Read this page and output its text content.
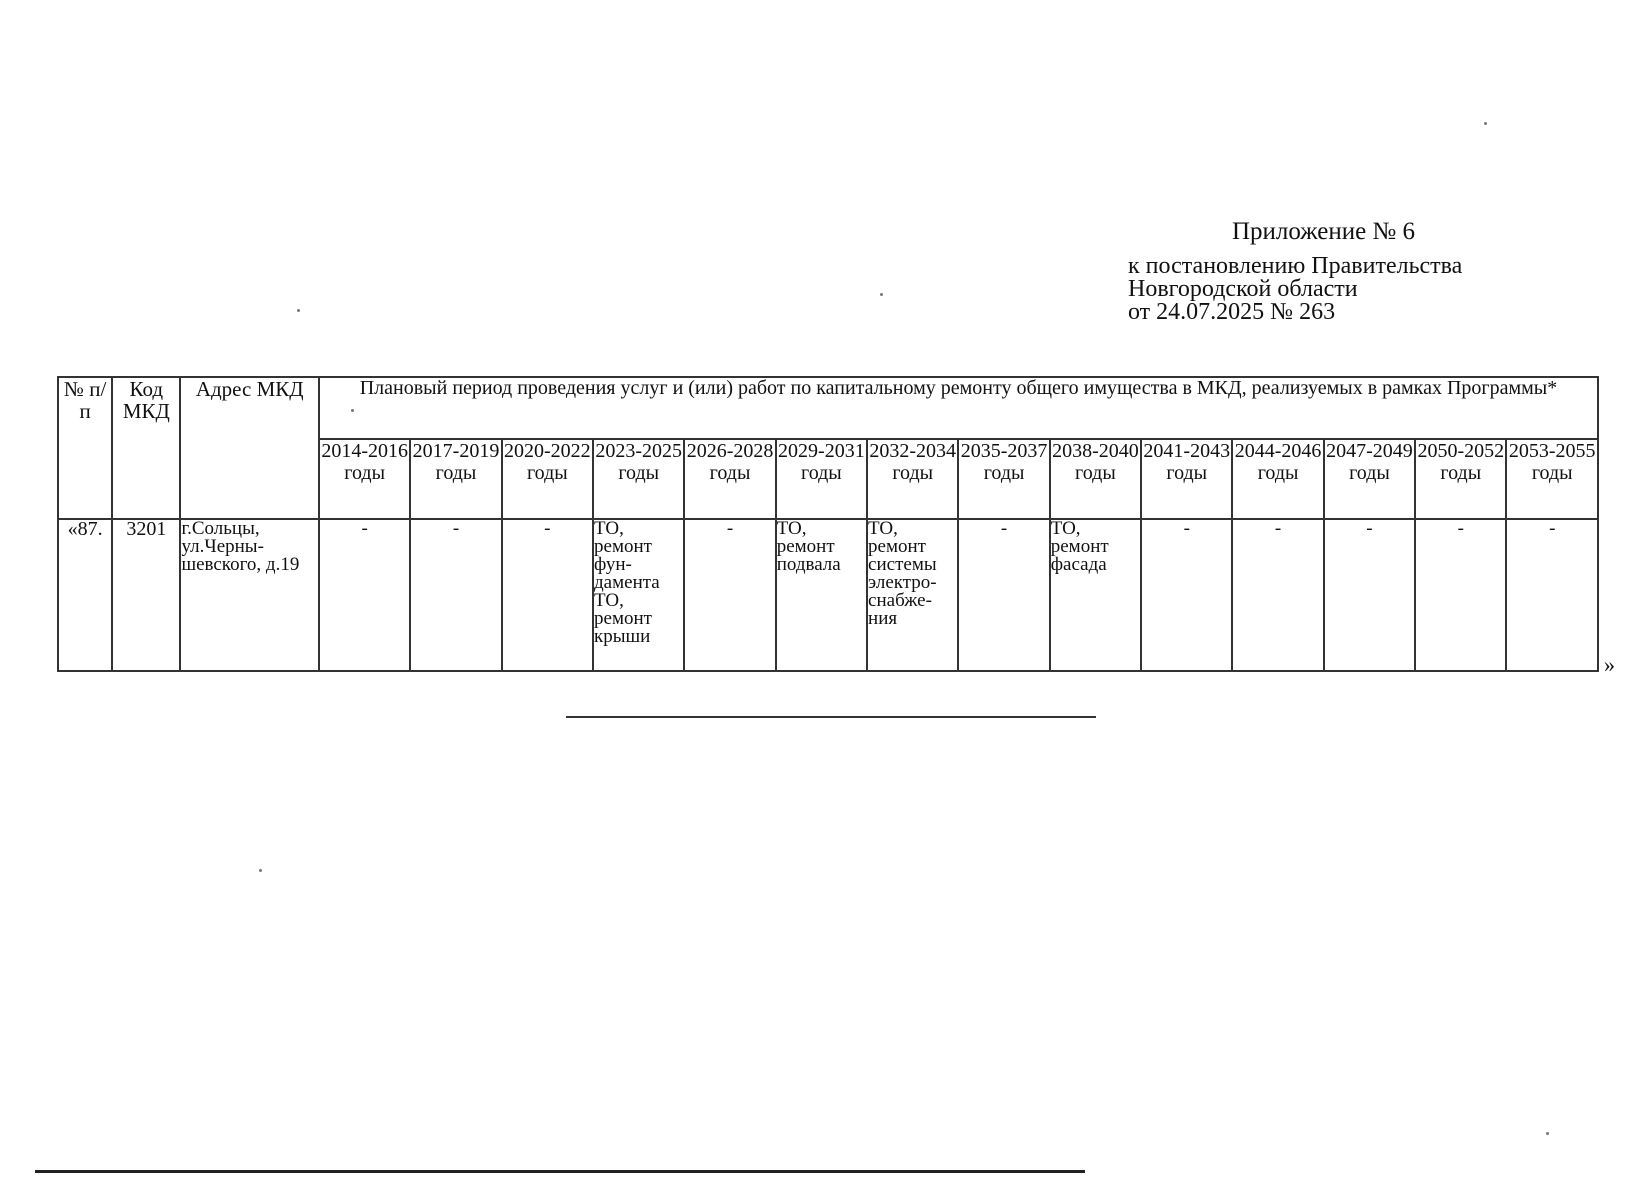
Приложение № 6
к постановлению Правительства
Новгородской области
от 24.07.2025 № 263
№ п/п	Код МКД	Адрес МКД	Плановый период проведения услуг и (или) работ по капитальному ремонту общего имущества в МКД, реализуемых в рамках Программы*													
			2014-2016 годы	2017-2019 годы	2020-2022 годы	2023-2025 годы	2026-2028 годы	2029-2031 годы	2032-2034 годы	2035-2037 годы	2038-2040 годы	2041-2043 годы	2044-2046 годы	2047-2049 годы	2050-2052 годы	2053-2055 годы
«87.	3201	г.Сольцы, ул.Черны-шевского, д.19	-	-	-	ТО, ремонт фун-дамента ТО, ремонт крыши	-	ТО, ремонт подвала	ТО, ремонт системы электро-снабже-ния	-	ТО, ремонт фасада	-	-	-	-	-
»
